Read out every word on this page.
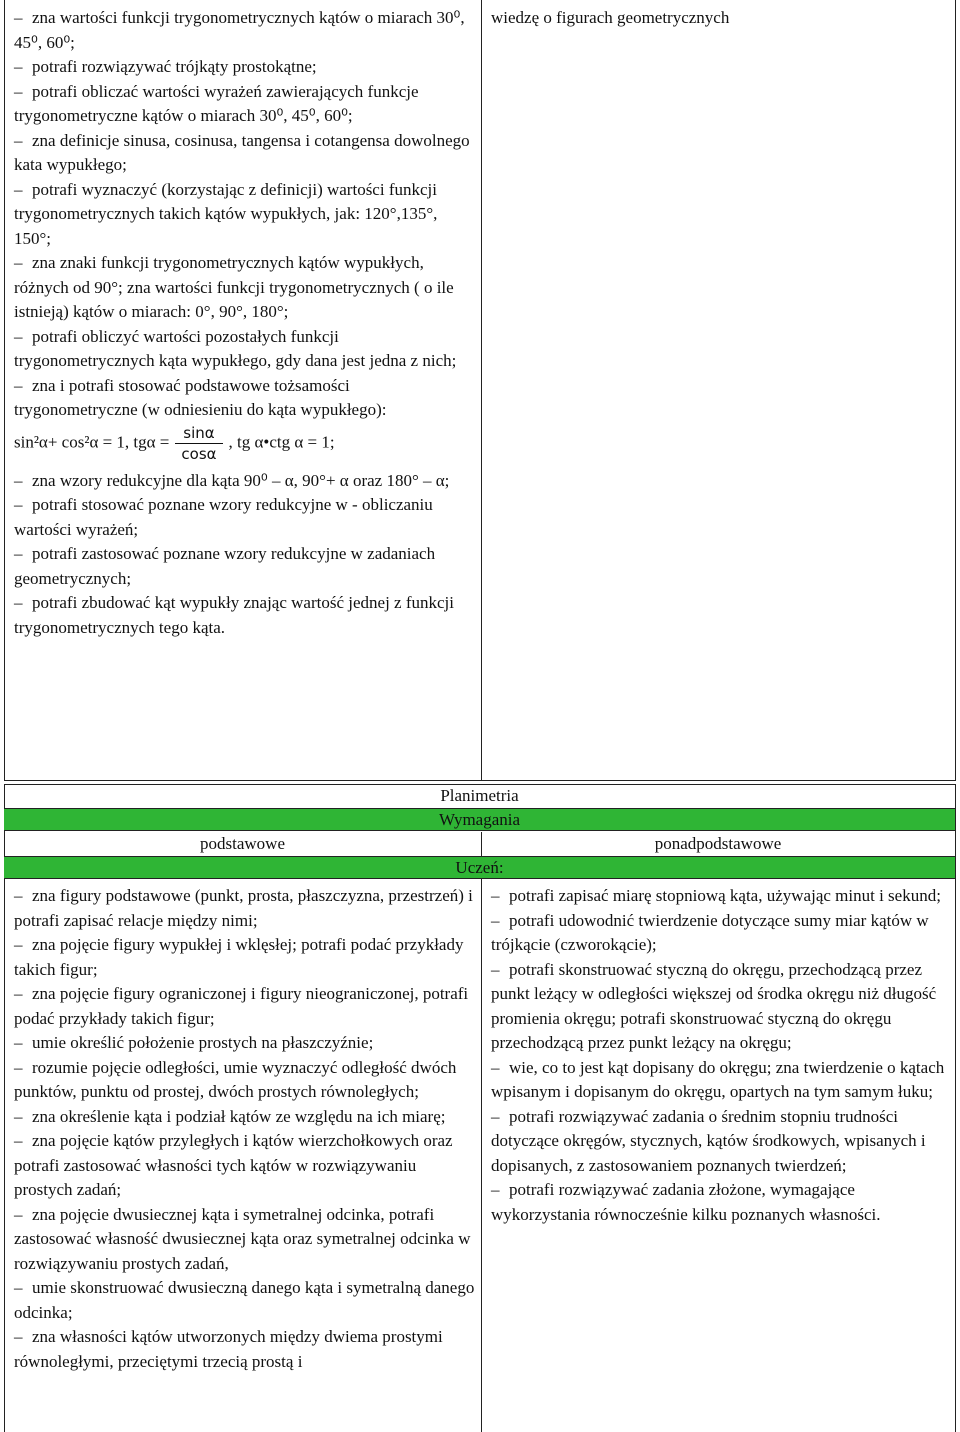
– zna wartości funkcji trygonometrycznych kątów o miarach 30⁰, 45⁰, 60⁰;

– potrafi rozwiązywać trójkąty prostokątne;

– potrafi obliczać wartości wyrażeń zawierających funkcje trygonometryczne kątów o miarach 30⁰, 45⁰, 60⁰;

– zna definicje sinusa, cosinusa, tangensa i cotangensa dowolnego kata wypukłego;

– potrafi wyznaczyć (korzystając z definicji) wartości funkcji trygonometrycznych takich kątów wypukłych, jak: 120°,135°, 150°;

– zna znaki funkcji trygonometrycznych kątów wypukłych, różnych od 90°; zna wartości funkcji trygonometrycznych ( o ile istnieją) kątów o miarach: 0°, 90°, 180°;

– potrafi obliczyć wartości pozostałych funkcji trygonometrycznych kąta wypukłego, gdy dana jest jedna z nich;

– zna i potrafi stosować podstawowe tożsamości trygonometryczne (w odniesieniu do kąta wypukłego):

sin²α+ cos²α = 1, $tg\alpha = \frac{\sin\alpha}{\cos\alpha}$ , tg α•ctg α = 1;

– zna wzory redukcyjne dla kąta 90⁰ – α, 90°+ α oraz 180° – α;

– potrafi stosować poznane wzory redukcyjne w - obliczaniu wartości wyrażeń;

– potrafi zastosować poznane wzory redukcyjne w zadaniach geometrycznych;

– potrafi zbudować kąt wypukły znając wartość jednej z funkcji trygonometrycznych tego kąta.

wiedzę o figurach geometrycznych
Planimetria
Wymagania
podstawowe	ponadpodstawowe
Uczeń:

– zna figury podstawowe (punkt, prosta, płaszczyzna, przestrzeń) i potrafi zapisać relacje między nimi;

– zna pojęcie figury wypukłej i wklęsłej; potrafi podać przykłady takich figur;

– zna pojęcie figury ograniczonej i figury nieograniczonej, potrafi podać przykłady takich figur;

– umie określić położenie prostych na płaszczyźnie;

– rozumie pojęcie odległości, umie wyznaczyć odległość dwóch punktów, punktu od prostej, dwóch prostych równoległych;

– zna określenie kąta i podział kątów ze względu na ich miarę;

– zna pojęcie kątów przyległych i kątów wierzchołkowych oraz potrafi zastosować własności tych kątów w rozwiązywaniu prostych zadań;

– zna pojęcie dwusiecznej kąta i symetralnej odcinka, potrafi zastosować własność dwusiecznej kąta oraz symetralnej odcinka w rozwiązywaniu prostych zadań,

– umie skonstruować dwusieczną danego kąta i symetralną danego odcinka;

– zna własności kątów utworzonych między dwiema prostymi równoległymi, przeciętymi trzecią prostą i

– potrafi zapisać miarę stopniową kąta, używając minut i sekund;

– potrafi udowodnić twierdzenie dotyczące sumy miar kątów w trójkącie (czworokącie);

– potrafi skonstruować styczną do okręgu, przechodzącą przez punkt leżący w odległości większej od środka okręgu niż długość promienia okręgu; potrafi skonstruować styczną do okręgu przechodzącą przez punkt leżący na okręgu;

– wie, co to jest kąt dopisany do okręgu; zna twierdzenie o kątach wpisanym i dopisanym do okręgu, opartych na tym samym łuku;

– potrafi rozwiązywać zadania o średnim stopniu trudności dotyczące okręgów, stycznych, kątów środkowych, wpisanych i dopisanych, z zastosowaniem poznanych twierdzeń;

– potrafi rozwiązywać zadania złożone, wymagające wykorzystania równocześnie kilku poznanych własności.
